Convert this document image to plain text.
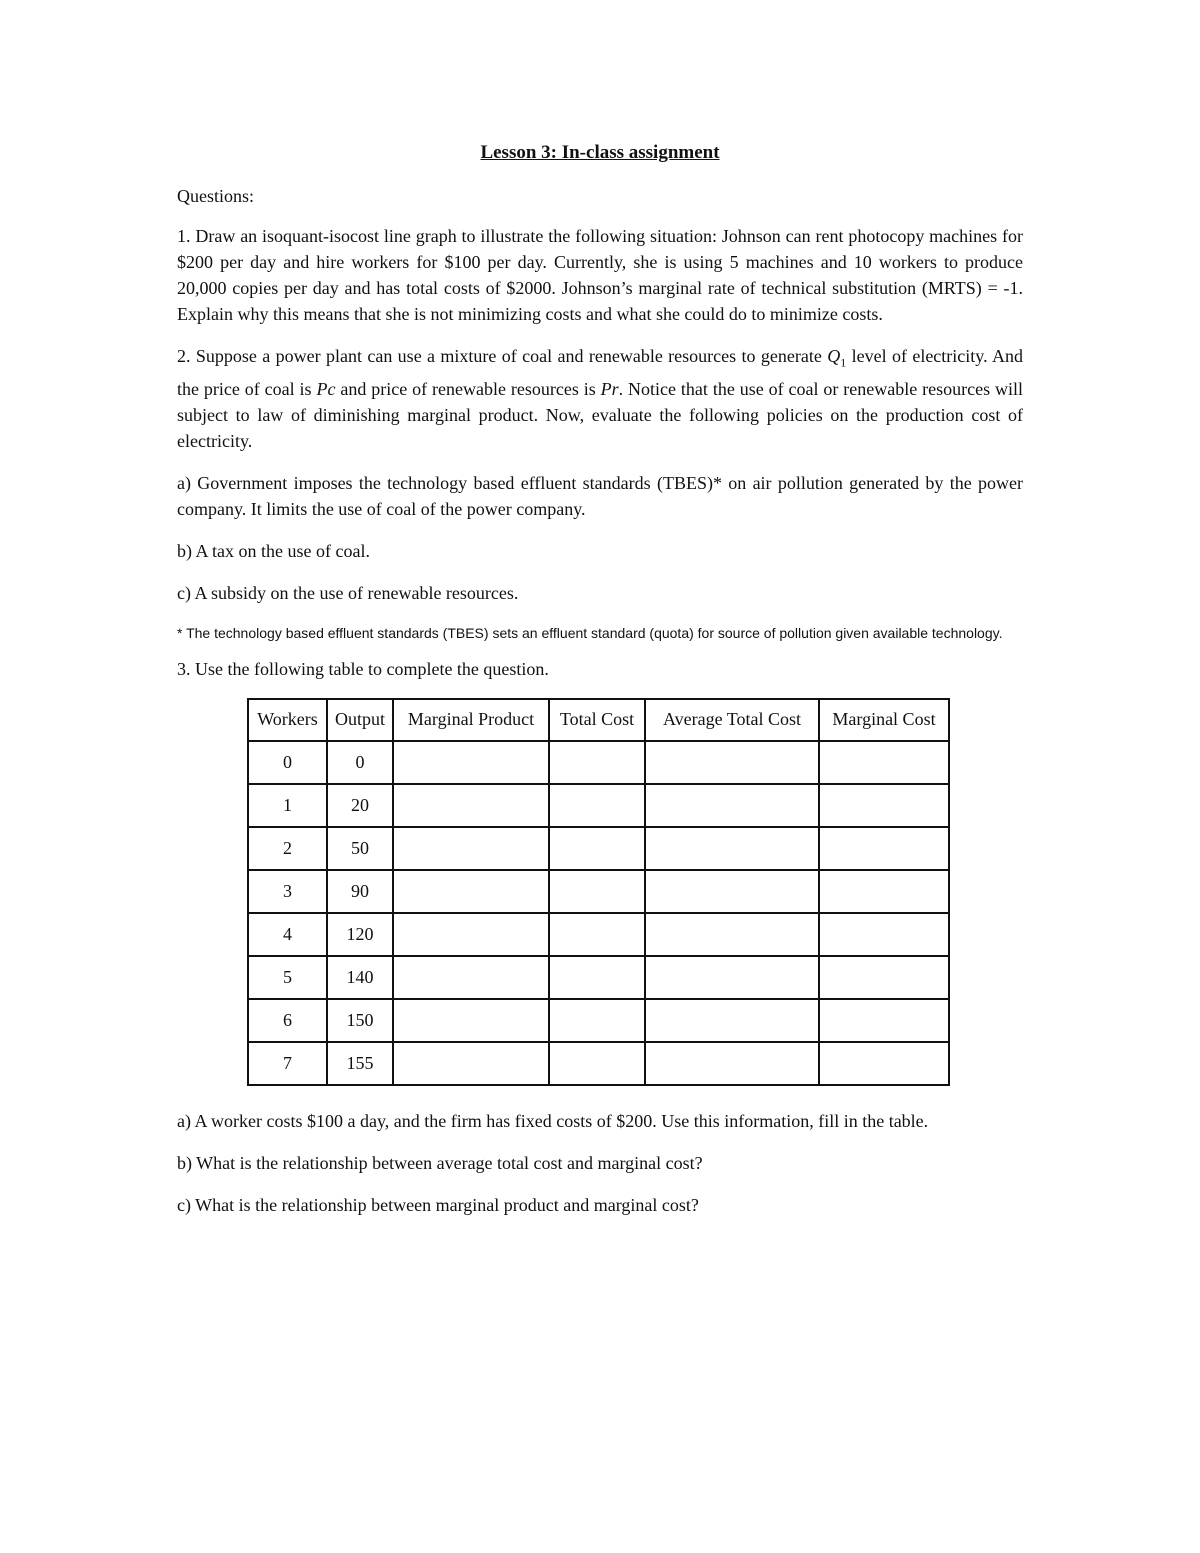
Lesson 3: In-class assignment
Questions:

1. Draw an isoquant-isocost line graph to illustrate the following situation: Johnson can rent photocopy machines for $200 per day and hire workers for $100 per day. Currently, she is using 5 machines and 10 workers to produce 20,000 copies per day and has total costs of $2000. Johnson’s marginal rate of technical substitution (MRTS) = -1. Explain why this means that she is not minimizing costs and what she could do to minimize costs.

2. Suppose a power plant can use a mixture of coal and renewable resources to generate $Q_1$ level of electricity. And the price of coal is Pc and price of renewable resources is Pr. Notice that the use of coal or renewable resources will subject to law of diminishing marginal product. Now, evaluate the following policies on the production cost of electricity.

a) Government imposes the technology based effluent standards (TBES)* on air pollution generated by the power company. It limits the use of coal of the power company.

b) A tax on the use of coal.

c) A subsidy on the use of renewable resources.

* The technology based effluent standards (TBES) sets an effluent standard (quota) for source of pollution given available technology.

3. Use the following table to complete the question.

Workers	Output	Marginal Product	Total Cost	Average Total Cost	Marginal Cost
0	0				
1	20				
2	50				
3	90				
4	120				
5	140				
6	150				
7	155				

a) A worker costs $100 a day, and the firm has fixed costs of $200. Use this information, fill in the table.

b) What is the relationship between average total cost and marginal cost?

c) What is the relationship between marginal product and marginal cost?
